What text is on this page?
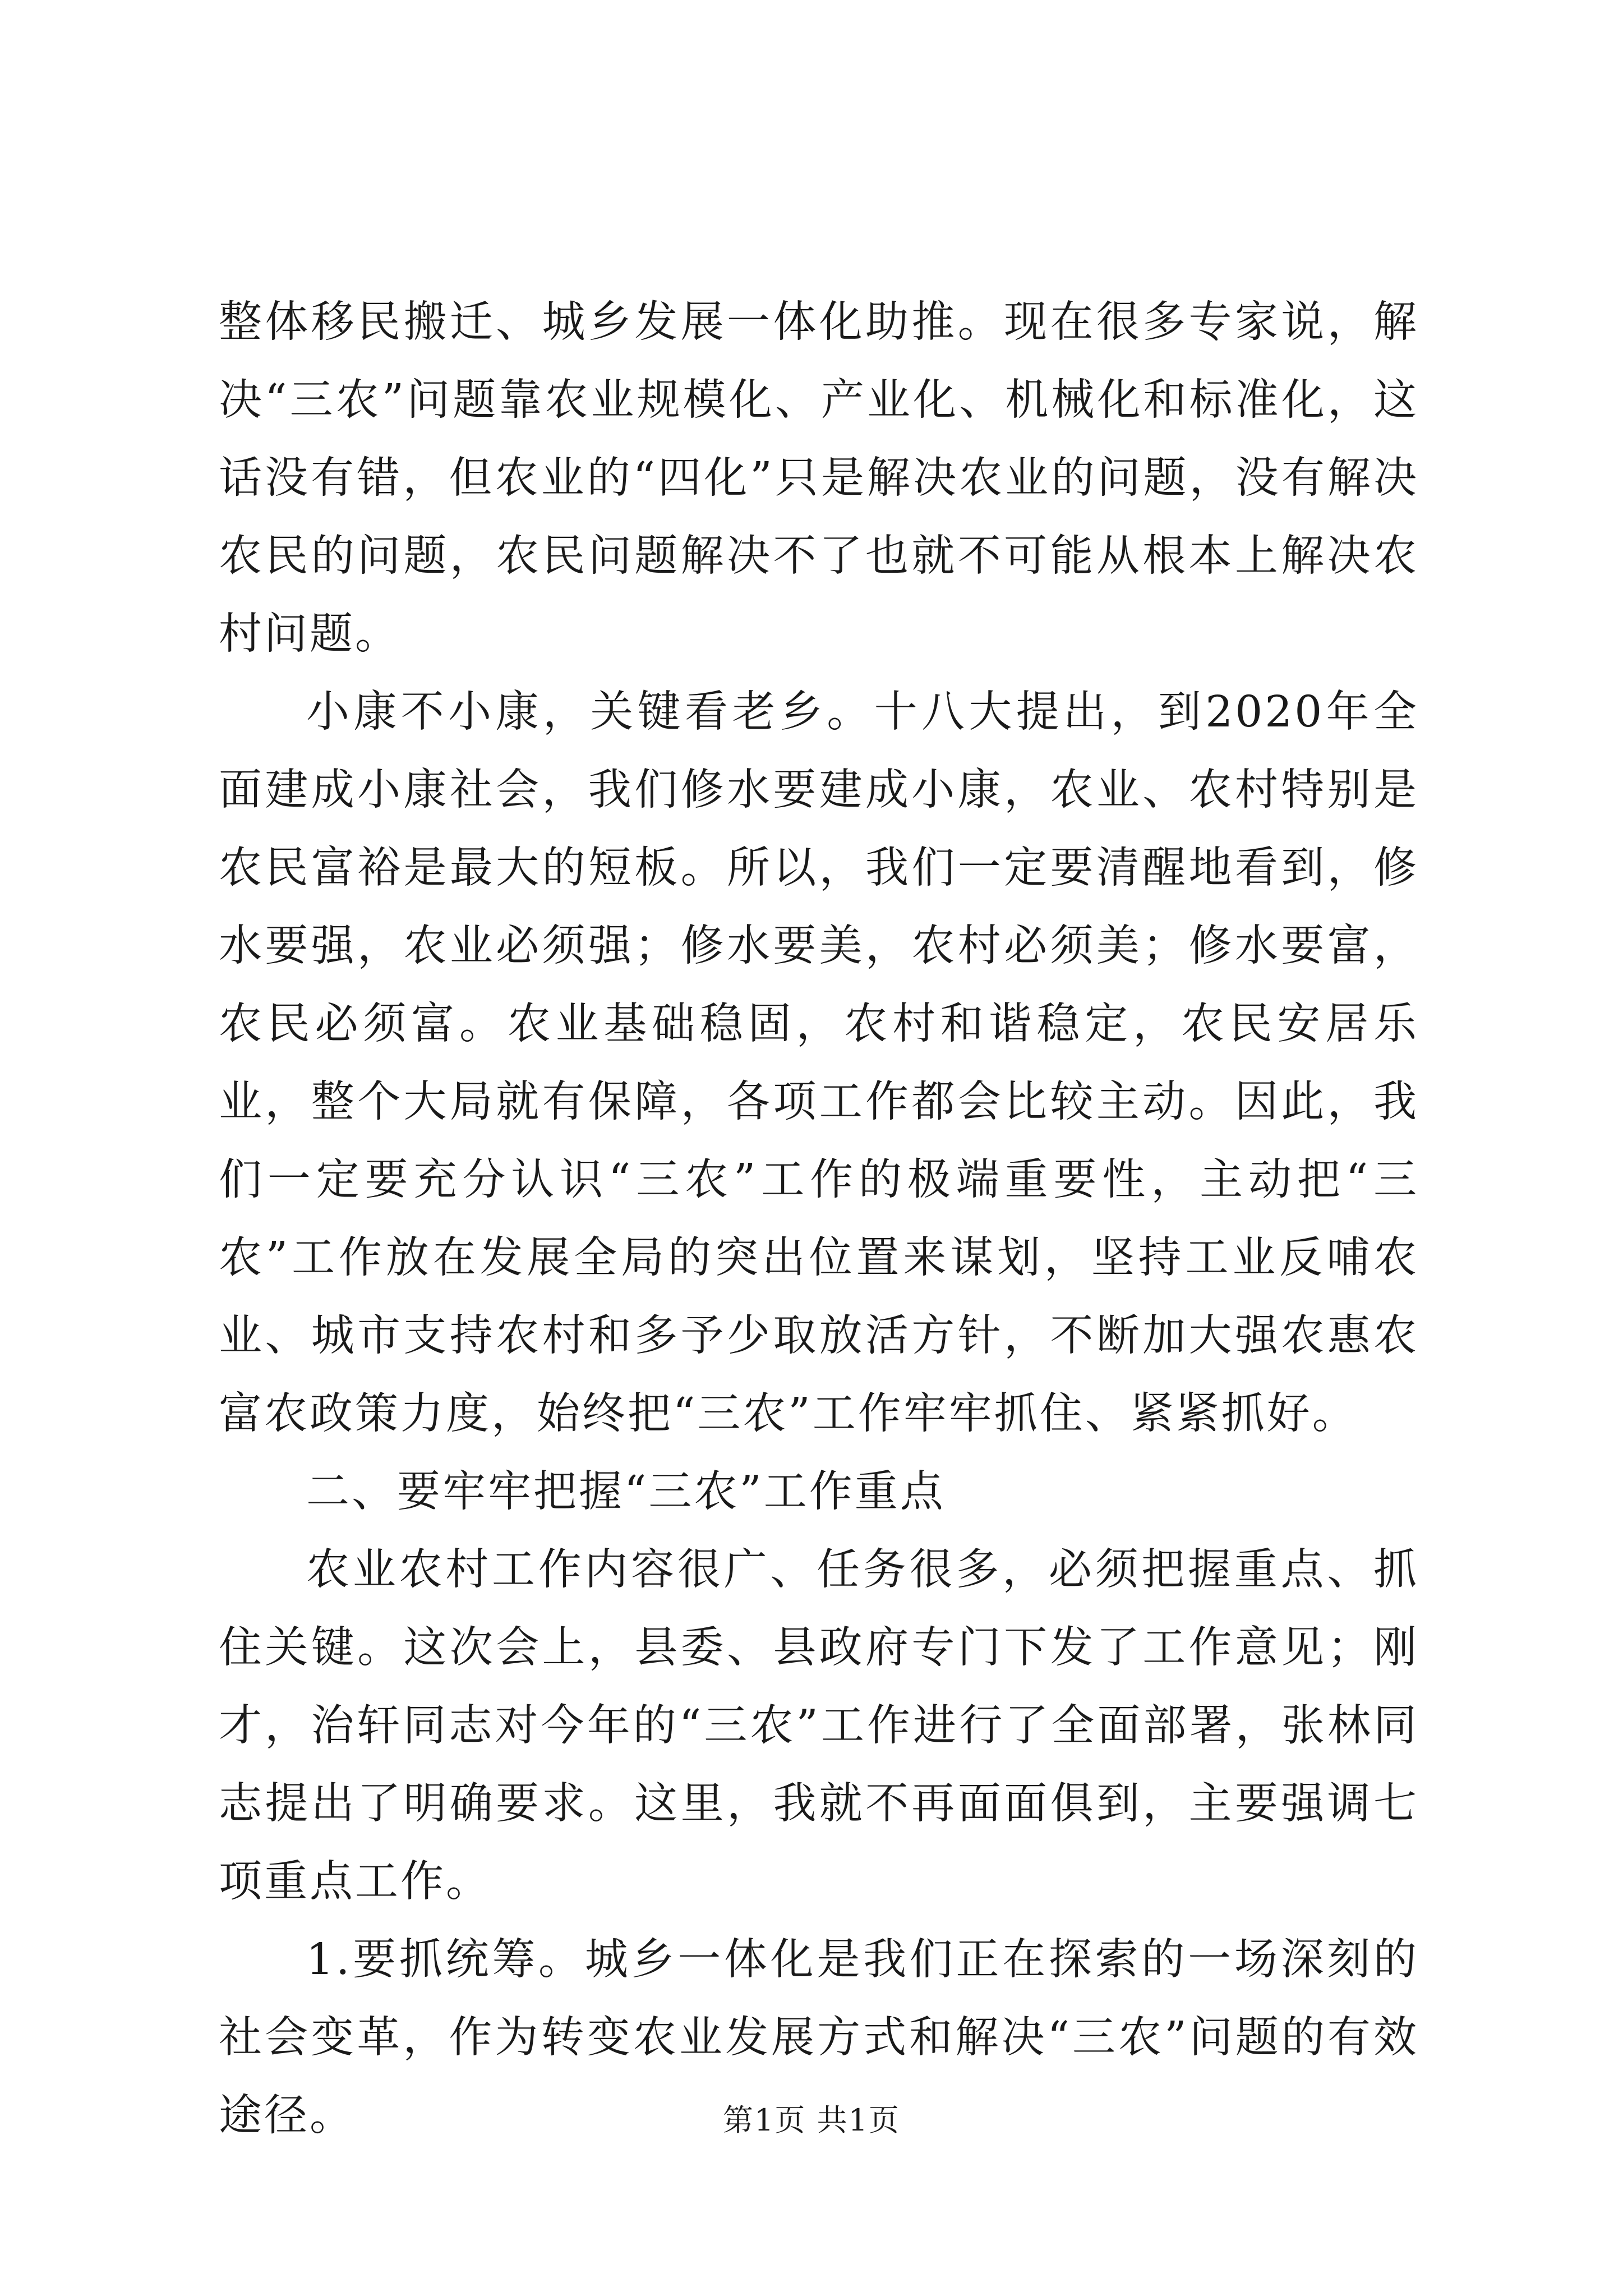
整体移民搬迁、城乡发展一体化助推。现在很多专家说，解决“三农”问题靠农业规模化、产业化、机械化和标准化，这话没有错，但农业的“四化”只是解决农业的问题，没有解决农民的问题，农民问题解决不了也就不可能从根本上解决农村问题。

小康不小康，关键看老乡。十八大提出，到2020年全面建成小康社会，我们修水要建成小康，农业、农村特别是农民富裕是最大的短板。所以，我们一定要清醒地看到，修水要强，农业必须强；修水要美，农村必须美；修水要富，农民必须富。农业基础稳固，农村和谐稳定，农民安居乐业，整个大局就有保障，各项工作都会比较主动。因此，我们一定要充分认识“三农”工作的极端重要性，主动把“三农”工作放在发展全局的突出位置来谋划，坚持工业反哺农业、城市支持农村和多予少取放活方针，不断加大强农惠农富农政策力度，始终把“三农”工作牢牢抓住、紧紧抓好。

二、要牢牢把握“三农”工作重点

农业农村工作内容很广、任务很多，必须把握重点、抓住关键。这次会上，县委、县政府专门下发了工作意见；刚才，治轩同志对今年的“三农”工作进行了全面部署，张林同志提出了明确要求。这里，我就不再面面俱到，主要强调七项重点工作。

1.要抓统筹。城乡一体化是我们正在探索的一场深刻的社会变革，作为转变农业发展方式和解决“三农”问题的有效途径。	第1页 共1页
